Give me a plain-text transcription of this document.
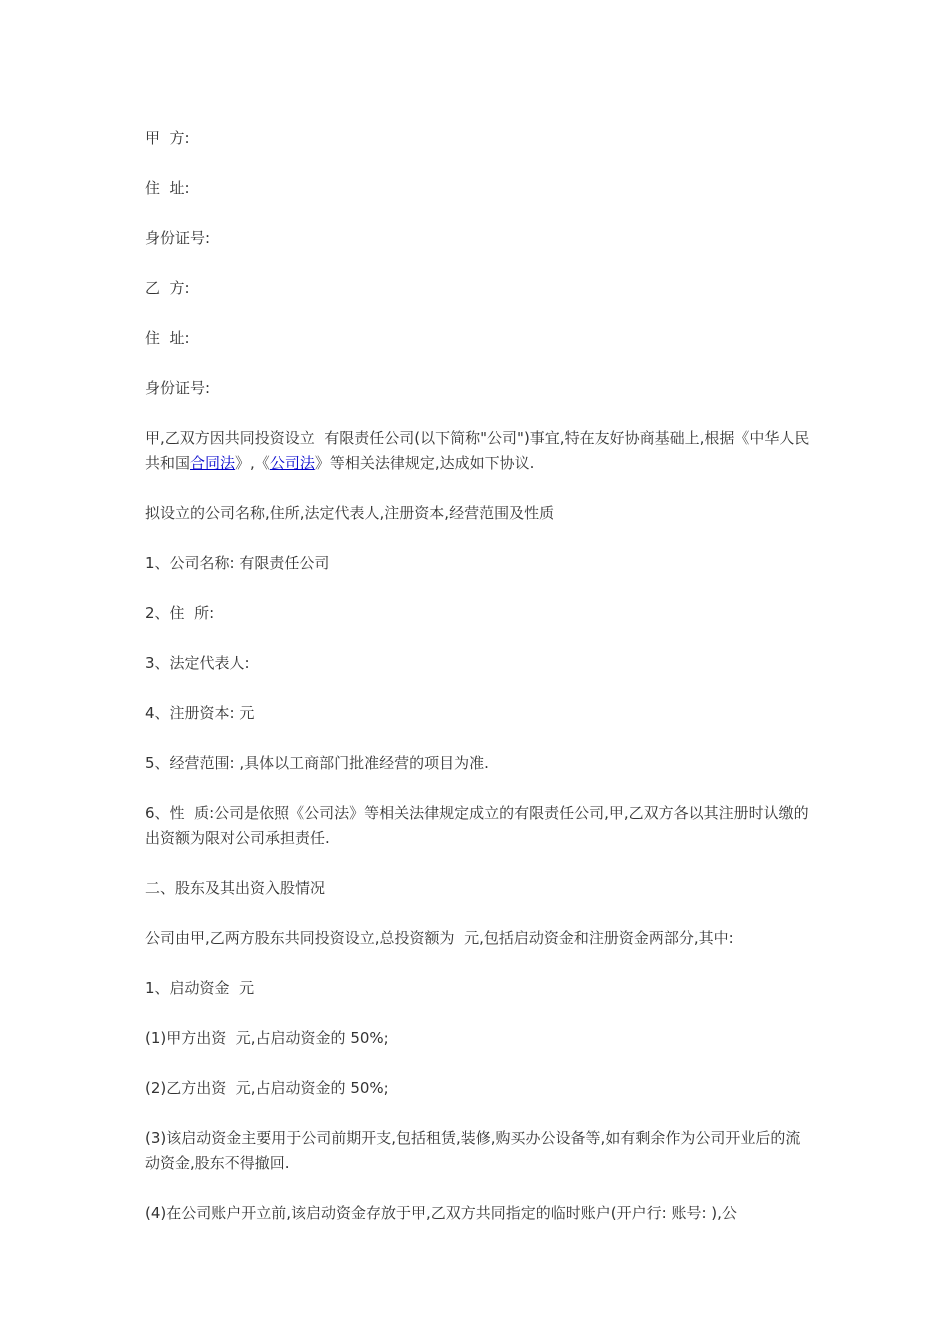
甲  方:

住  址:

身份证号:

乙  方:

住  址:

身份证号:

甲,乙双方因共同投资设立  有限责任公司(以下简称"公司")事宜,特在友好协商基础上,根据《中华人民共和国合同法》,《公司法》等相关法律规定,达成如下协议.

拟设立的公司名称,住所,法定代表人,注册资本,经营范围及性质

1、公司名称: 有限责任公司

2、住  所:

3、法定代表人:

4、注册资本: 元

5、经营范围: ,具体以工商部门批准经营的项目为准.

6、性  质:公司是依照《公司法》等相关法律规定成立的有限责任公司,甲,乙双方各以其注册时认缴的出资额为限对公司承担责任.

二、股东及其出资入股情况

公司由甲,乙两方股东共同投资设立,总投资额为  元,包括启动资金和注册资金两部分,其中:

1、启动资金  元

(1)甲方出资  元,占启动资金的 50%;

(2)乙方出资  元,占启动资金的 50%;

(3)该启动资金主要用于公司前期开支,包括租赁,装修,购买办公设备等,如有剩余作为公司开业后的流动资金,股东不得撤回.

(4)在公司账户开立前,该启动资金存放于甲,乙双方共同指定的临时账户(开户行: 账号: ),公
